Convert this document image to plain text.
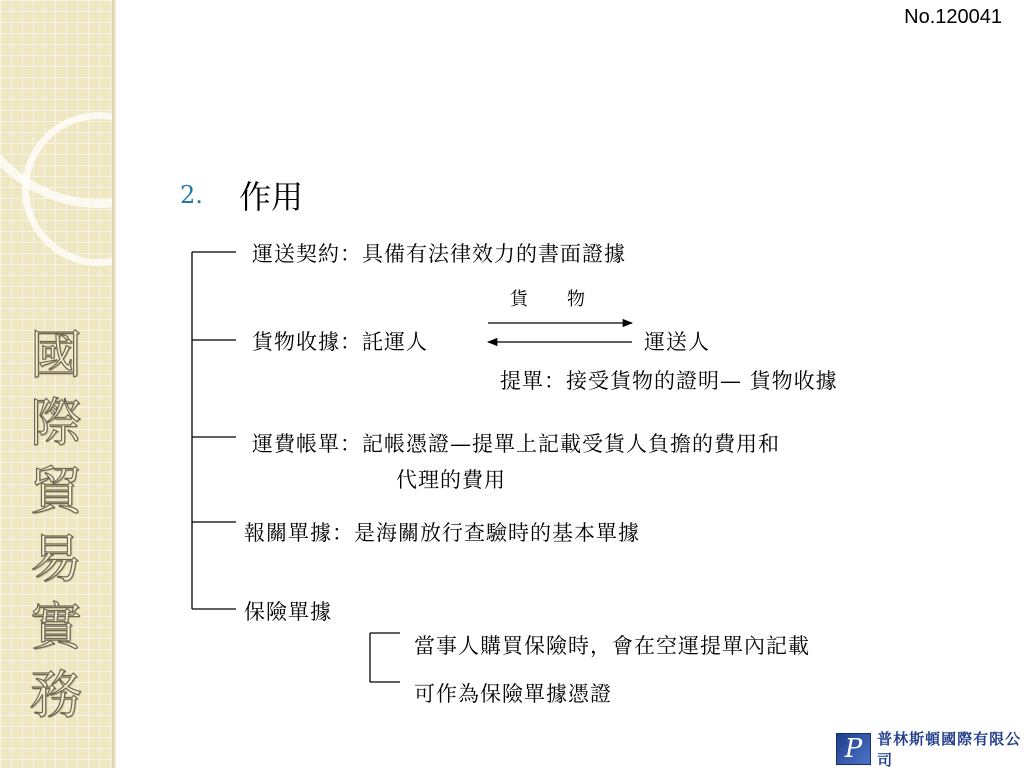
國
際
貿
易
實
務
No.120041
2. 作用
運送契約：具備有法律效力的書面證據
貨　　物
貨物收據：託運人	運送人
提單：接受貨物的證明— 貨物收據
運費帳單：記帳憑證—提單上記載受貨人負擔的費用和
代理的費用
報關單據：是海關放行查驗時的基本單據
保險單據
當事人購買保險時，會在空運提單內記載
可作為保險單據憑證
P 普林斯頓國際有限公司
